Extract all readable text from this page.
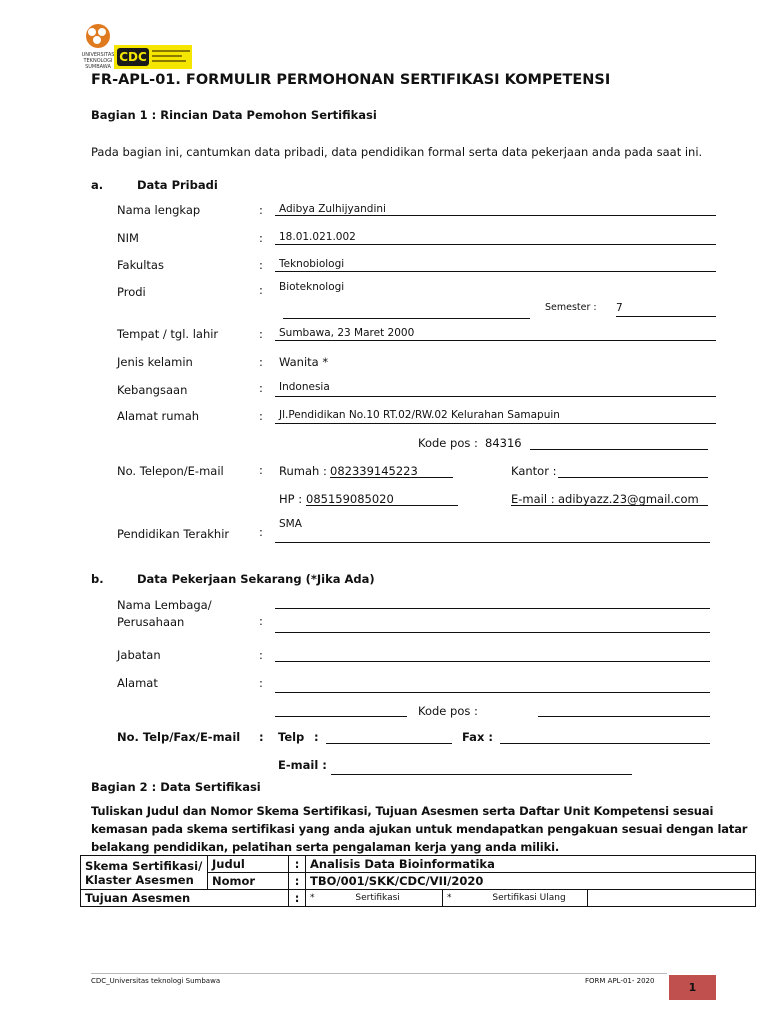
UNIVERSITAS
TEKNOLOGI
SUMBAWA
CDC
FR-APL-01. FORMULIR PERMOHONAN SERTIFIKASI KOMPETENSI
Bagian 1 : Rincian Data Pemohon Sertifikasi
Pada bagian ini, cantumkan data pribadi, data pendidikan formal serta data pekerjaan anda pada saat ini.
a.	Data Pribadi
Nama lengkap	: Adibya Zulhijyandini
NIM	: 18.01.021.002
Fakultas	: Teknobiologi
Prodi	: Bioteknologi
Semester : 7
Tempat / tgl. lahir	: Sumbawa, 23 Maret 2000
Jenis kelamin	: Wanita *
Kebangsaan	: Indonesia
Alamat rumah	: Jl.Pendidikan No.10 RT.02/RW.02 Kelurahan Samapuin
Kode pos : 84316
No. Telepon/E-mail	: Rumah : 082339145223	Kantor :
HP : 085159085020	E-mail : adibyazz.23@gmail.com
Pendidikan Terakhir	:
SMA
b.	Data Pekerjaan Sekarang (*Jika Ada)
Nama Lembaga/
Perusahaan	:
Jabatan	:
Alamat	:
Kode pos :
No. Telp/Fax/E-mail : Telp :	Fax :
E-mail :
Bagian 2 : Data Sertifikasi
Tuliskan Judul dan Nomor Skema Sertifikasi, Tujuan Asesmen serta Daftar Unit Kompetensi sesuai
kemasan pada skema sertifikasi yang anda ajukan untuk mendapatkan pengakuan sesuai dengan latar
belakang pendidikan, pelatihan serta pengalaman kerja yang anda miliki.
Skema Sertifikasi/
Klaster Asesmen	Judul	:	Analisis Data Bioinformatika		
	Nomor	:	TBO/001/SKK/CDC/VII/2020		
Tujuan Asesmen		:	* Sertifikasi	* Sertifikasi Ulang	
CDC_Universitas teknologi Sumbawa	FORM APL-01- 2020	1
